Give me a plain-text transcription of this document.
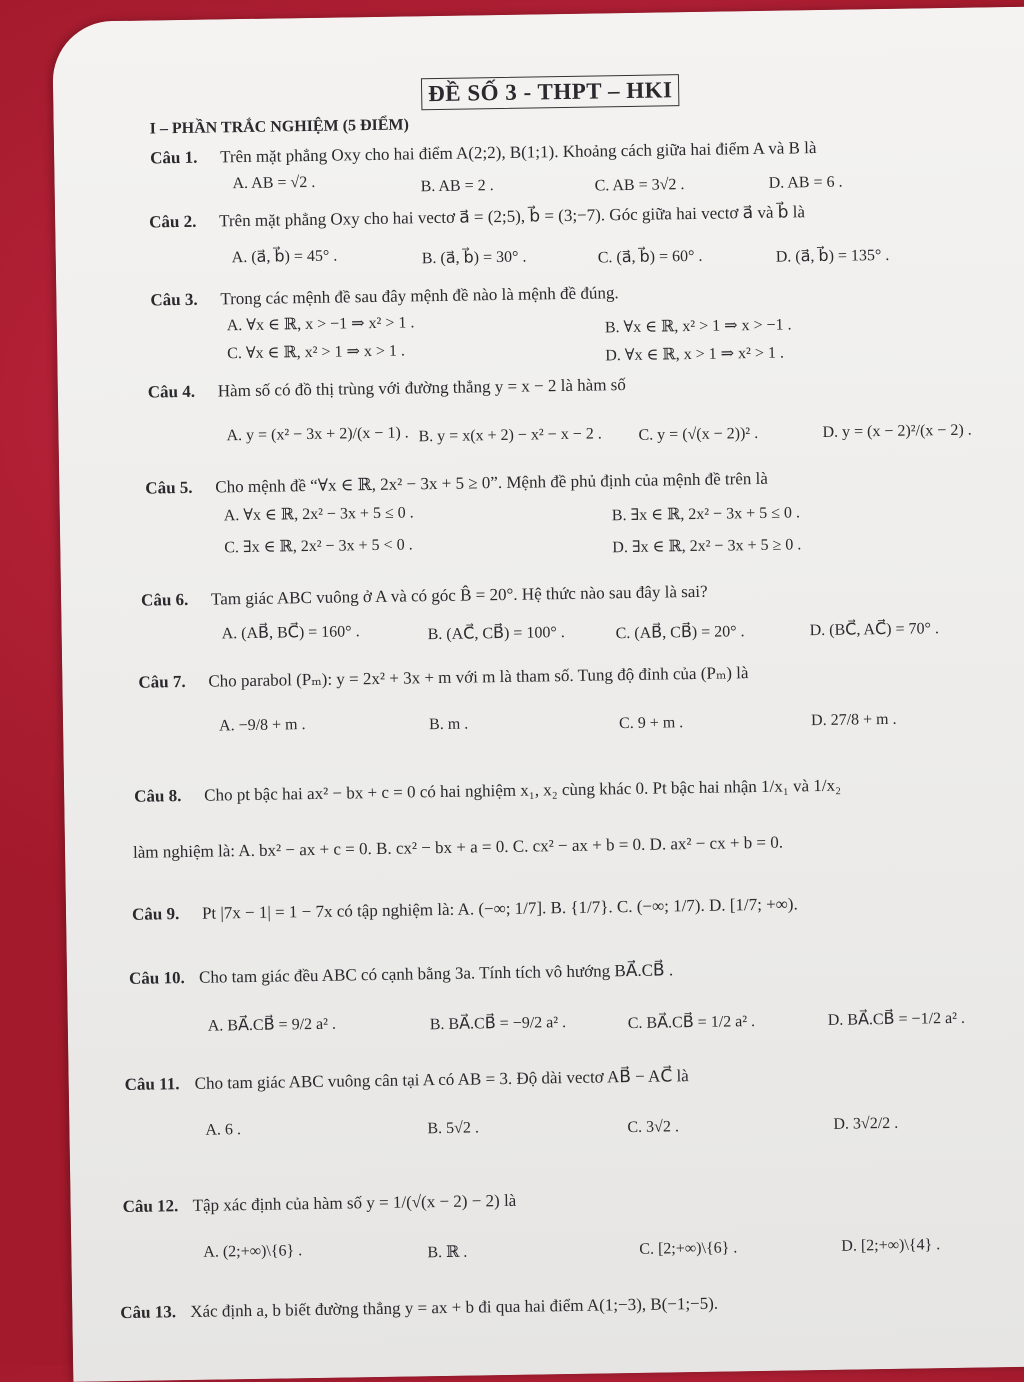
ĐỀ SỐ 3 - THPT – HKI
I – PHẦN TRẮC NGHIỆM (5 ĐIỂM)
Câu 1. Trên mặt phẳng Oxy cho hai điểm A(2;2), B(1;1). Khoảng cách giữa hai điểm A và B là
A. AB = √2 .	B. AB = 2 .	C. AB = 3√2 .	D. AB = 6 .
Câu 2. Trên mặt phẳng Oxy cho hai vectơ a⃗ = (2;5), b⃗ = (3;−7). Góc giữa hai vectơ a⃗ và b⃗ là
A. (a⃗, b⃗) = 45° .	B. (a⃗, b⃗) = 30° .	C. (a⃗, b⃗) = 60° .	D. (a⃗, b⃗) = 135° .
Câu 3. Trong các mệnh đề sau đây mệnh đề nào là mệnh đề đúng.
A. ∀x ∈ ℝ, x > −1 ⇒ x² > 1 .	B. ∀x ∈ ℝ, x² > 1 ⇒ x > −1 .
C. ∀x ∈ ℝ, x² > 1 ⇒ x > 1 .	D. ∀x ∈ ℝ, x > 1 ⇒ x² > 1 .
Câu 4. Hàm số có đồ thị trùng với đường thẳng y = x − 2 là hàm số
A. y = (x² − 3x + 2)/(x − 1) . B. y = x(x + 2) − x² − x − 2 . C. y = (√(x − 2))² .	D. y = (x − 2)²/(x − 2) .
Câu 5. Cho mệnh đề “∀x ∈ ℝ, 2x² − 3x + 5 ≥ 0”. Mệnh đề phủ định của mệnh đề trên là
A. ∀x ∈ ℝ, 2x² − 3x + 5 ≤ 0 .	B. ∃x ∈ ℝ, 2x² − 3x + 5 ≤ 0 .
C. ∃x ∈ ℝ, 2x² − 3x + 5 < 0 .	D. ∃x ∈ ℝ, 2x² − 3x + 5 ≥ 0 .
Câu 6. Tam giác ABC vuông ở A và có góc B̂ = 20°. Hệ thức nào sau đây là sai?
A. (AB⃗, BC⃗) = 160° .	B. (AC⃗, CB⃗) = 100° .	C. (AB⃗, CB⃗) = 20° .	D. (BC⃗, AC⃗) = 70° .
Câu 7. Cho parabol (Pₘ): y = 2x² + 3x + m với m là tham số. Tung độ đỉnh của (Pₘ) là
A. −9/8 + m .	B. m .	C. 9 + m .	D. 27/8 + m .
Câu 8. Cho pt bậc hai ax² − bx + c = 0 có hai nghiệm x₁, x₂ cùng khác 0. Pt bậc hai nhận 1/x₁ và 1/x₂
làm nghiệm là: A. bx² − ax + c = 0. B. cx² − bx + a = 0. C. cx² − ax + b = 0. D. ax² − cx + b = 0.
Câu 9. Pt |7x − 1| = 1 − 7x có tập nghiệm là: A. (−∞; 1/7]. B. {1/7}. C. (−∞; 1/7). D. [1/7; +∞).
Câu 10. Cho tam giác đều ABC có cạnh bằng 3a. Tính tích vô hướng BA⃗.CB⃗ .
A. BA⃗.CB⃗ = 9/2 a² .	B. BA⃗.CB⃗ = −9/2 a² .	C. BA⃗.CB⃗ = 1/2 a² .	D. BA⃗.CB⃗ = −1/2 a² .
Câu 11. Cho tam giác ABC vuông cân tại A có AB = 3. Độ dài vectơ AB⃗ − AC⃗ là
A. 6 .	B. 5√2 .	C. 3√2 .	D. 3√2/2 .
Câu 12. Tập xác định của hàm số y = 1/(√(x − 2) − 2) là
A. (2;+∞)\{6} .	B. ℝ .	C. [2;+∞)\{6} .	D. [2;+∞)\{4} .
Câu 13. Xác định a, b biết đường thẳng y = ax + b đi qua hai điểm A(1;−3), B(−1;−5).
